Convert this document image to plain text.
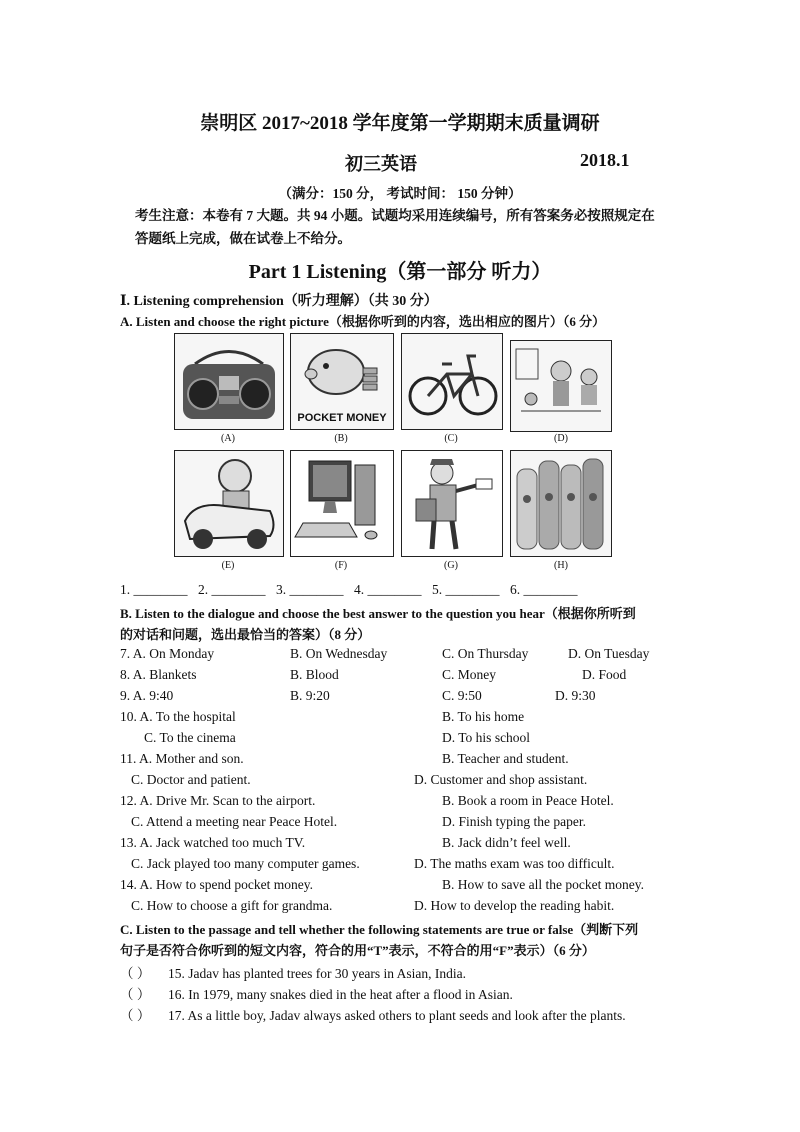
崇明区 2017~2018 学年度第一学期期末质量调研
初三英语	2018.1
（满分：150 分， 考试时间： 150 分钟）
考生注意：本卷有 7 大题。共 94 小题。试题均采用连续编号，所有答案务必按照规定在
答题纸上完成，做在试卷上不给分。
Part 1 Listening（第一部分 听力）
Ⅰ. Listening comprehension（听力理解）（共 30 分）
A. Listen and choose the right picture（根据你听到的内容，选出相应的图片）（6 分）
POCKET MONEY
(A)	(B)	(C)	(D)
(E)	(F)	(G)	(H)
1. ________ 2. ________ 3. ________ 4. ________ 5. ________ 6. ________
B. Listen to the dialogue and choose the best answer to the question you hear（根据你所听到
的对话和问题，选出最恰当的答案）（8 分）
7. A. On Monday	B. On Wednesday	C. On Thursday	D. On Tuesday
8. A. Blankets	B. Blood	C. Money	D. Food
9. A. 9:40	B. 9:20	C. 9:50	D. 9:30
10. A. To the hospital	B. To his home
C. To the cinema	D. To his school
11. A. Mother and son.	B. Teacher and student.
C. Doctor and patient.	D. Customer and shop assistant.
12. A. Drive Mr. Scan to the airport.	B. Book a room in Peace Hotel.
C. Attend a meeting near Peace Hotel.	D. Finish typing the paper.
13. A. Jack watched too much TV.	B. Jack didn’t feel well.
C. Jack played too many computer games.	D. The maths exam was too difficult.
14. A. How to spend pocket money.	B. How to save all the pocket money.
C. How to choose a gift for grandma.	D. How to develop the reading habit.
C. Listen to the passage and tell whether the following statements are true or false（判断下列
句子是否符合你听到的短文内容，符合的用“T”表示，不符合的用“F”表示）（6 分）
（ ） 15. Jadav has planted trees for 30 years in Asian, India.
（ ） 16. In 1979, many snakes died in the heat after a flood in Asian.
（ ） 17. As a little boy, Jadav always asked others to plant seeds and look after the plants.
